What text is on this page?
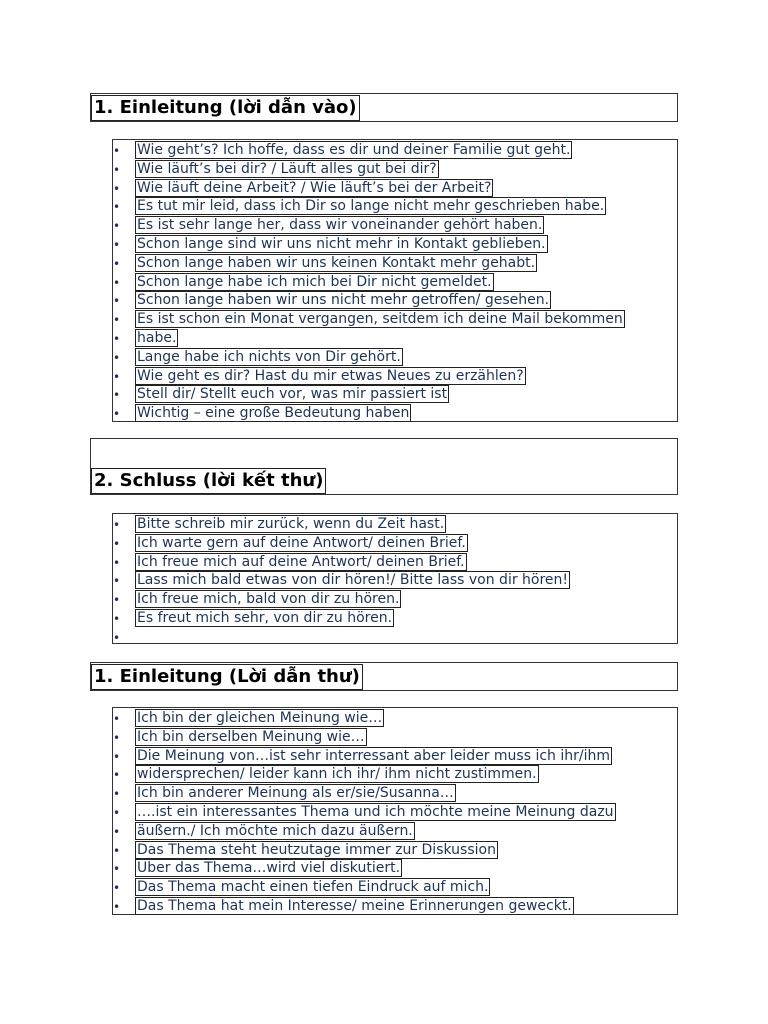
1. Einleitung (lời dẫn vào)
• Wie geht’s? Ich hoffe, dass es dir und deiner Familie gut geht.
• Wie läuft’s bei dir? / Läuft alles gut bei dir?
• Wie läuft deine Arbeit? / Wie läuft’s bei der Arbeit?
• Es tut mir leid, dass ich Dir so lange nicht mehr geschrieben habe.
• Es ist sehr lange her, dass wir voneinander gehört haben.
• Schon lange sind wir uns nicht mehr in Kontakt geblieben.
• Schon lange haben wir uns keinen Kontakt mehr gehabt.
• Schon lange habe ich mich bei Dir nicht gemeldet.
• Schon lange haben wir uns nicht mehr getroffen/ gesehen.
• Es ist schon ein Monat vergangen, seitdem ich deine Mail bekommen
• habe.
• Lange habe ich nichts von Dir gehört.
• Wie geht es dir? Hast du mir etwas Neues zu erzählen?
• Stell dir/ Stellt euch vor, was mir passiert ist
• Wichtig – eine große Bedeutung haben
2. Schluss (lời kết thư)
• Bitte schreib mir zurück, wenn du Zeit hast.
• Ich warte gern auf deine Antwort/ deinen Brief.
• Ich freue mich auf deine Antwort/ deinen Brief.
• Lass mich bald etwas von dir hören!/ Bitte lass von dir hören!
• Ich freue mich, bald von dir zu hören.
• Es freut mich sehr, von dir zu hören.
•
1. Einleitung (Lời dẫn thư)
• Ich bin der gleichen Meinung wie…
• Ich bin derselben Meinung wie…
• Die Meinung von…ist sehr interressant aber leider muss ich ihr/ihm
• widersprechen/ leider kann ich ihr/ ihm nicht zustimmen.
• Ich bin anderer Meinung als er/sie/Susanna…
• ….ist ein interessantes Thema und ich möchte meine Meinung dazu
• äußern./ Ich möchte mich dazu äußern.
• Das Thema steht heutzutage immer zur Diskussion
• Über das Thema…wird viel diskutiert.
• Das Thema macht einen tiefen Eindruck auf mich.
• Das Thema hat mein Interesse/ meine Erinnerungen geweckt.
